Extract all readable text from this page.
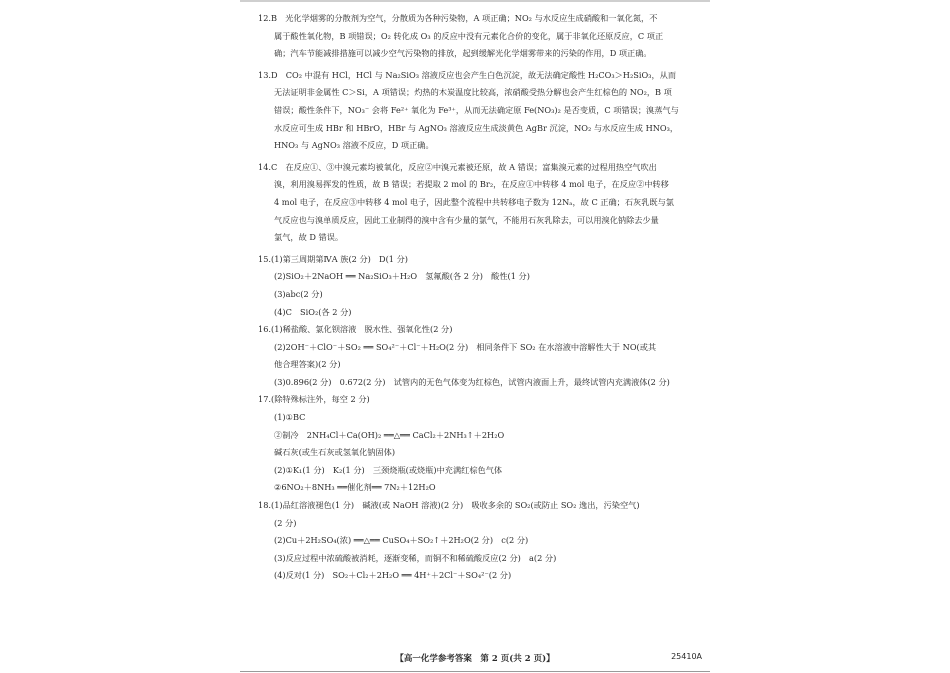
12.B　光化学烟雾的分散剂为空气，分散质为各种污染物，A 项正确；NO₂ 与水反应生成硝酸和一氧化氮，不
属于酸性氧化物，B 项错误；O₂ 转化成 O₃ 的反应中没有元素化合价的变化，属于非氧化还原反应，C 项正
确；汽车节能减排措施可以减少空气污染物的排放，起到缓解光化学烟雾带来的污染的作用，D 项正确。
13.D　CO₂ 中混有 HCl，HCl 与 Na₂SiO₃ 溶液反应也会产生白色沉淀，故无法确定酸性 H₂CO₃＞H₂SiO₃，从而
无法证明非金属性 C＞Si，A 项错误；灼热的木炭温度比较高，浓硝酸受热分解也会产生红棕色的 NO₂，B 项
错误；酸性条件下，NO₃⁻ 会将 Fe²⁺ 氧化为 Fe³⁺，从而无法确定原 Fe(NO₃)₂ 是否变质，C 项错误；溴蒸气与
水反应可生成 HBr 和 HBrO，HBr 与 AgNO₃ 溶液反应生成淡黄色 AgBr 沉淀，NO₂ 与水反应生成 HNO₃，
HNO₃ 与 AgNO₃ 溶液不反应，D 项正确。
14.C　在反应①、③中溴元素均被氧化，反应②中溴元素被还原，故 A 错误；富集溴元素的过程用热空气吹出
溴，利用溴易挥发的性质，故 B 错误；若提取 2 mol 的 Br₂，在反应①中转移 4 mol 电子，在反应②中转移
4 mol 电子，在反应③中转移 4 mol 电子，因此整个流程中共转移电子数为 12Nₐ，故 C 正确；石灰乳既与氯
气反应也与溴单质反应，因此工业制得的溴中含有少量的氯气，不能用石灰乳除去，可以用溴化钠除去少量
氯气，故 D 错误。
15.(1)第三周期第ⅣA 族(2 分)　D(1 分)
(2)SiO₂＋2NaOH ══ Na₂SiO₃＋H₂O　氢氟酸(各 2 分)　酸性(1 分)
(3)abc(2 分)
(4)C　SiO₂(各 2 分)
16.(1)稀盐酸、氯化钡溶液　脱水性、强氧化性(2 分)
(2)2OH⁻＋ClO⁻＋SO₂ ══ SO₄²⁻＋Cl⁻＋H₂O(2 分)　相同条件下 SO₂ 在水溶液中溶解性大于 NO(或其
他合理答案)(2 分)
(3)0.896(2 分)　0.672(2 分)　试管内的无色气体变为红棕色，试管内液面上升，最终试管内充满液体(2 分)
17.(除特殊标注外，每空 2 分)
(1)①BC
②制冷　2NH₄Cl＋Ca(OH)₂ ══△══ CaCl₂＋2NH₃↑＋2H₂O
碱石灰(或生石灰或氢氧化钠固体)
(2)①K₁(1 分)　K₂(1 分)　三颈烧瓶(或烧瓶)中充满红棕色气体
②6NO₂＋8NH₃ ══催化剂══ 7N₂＋12H₂O
18.(1)品红溶液褪色(1 分)　碱液(或 NaOH 溶液)(2 分)　吸收多余的 SO₂(或防止 SO₂ 逸出，污染空气)
(2 分)
(2)Cu＋2H₂SO₄(浓) ══△══ CuSO₄＋SO₂↑＋2H₂O(2 分)　c(2 分)
(3)反应过程中浓硫酸被消耗，逐渐变稀，而铜不和稀硫酸反应(2 分)　a(2 分)
(4)反对(1 分)　SO₂＋Cl₂＋2H₂O ══ 4H⁺＋2Cl⁻＋SO₄²⁻(2 分)
【高一化学参考答案　第 2 页(共 2 页)】	25410A
